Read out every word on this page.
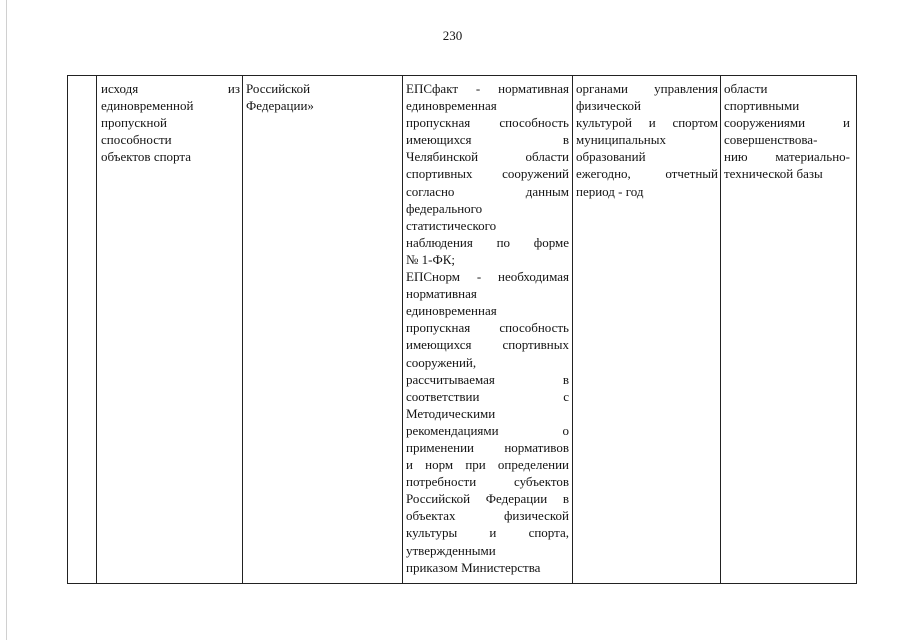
230

исходя из

единовременной

пропускной

способности

объектов спорта

Российской

Федерации»

ЕПСфакт - нормативная

единовременная

пропускная способность

имеющихся в

Челябинской области

спортивных сооружений

согласно данным

федерального

статистического

наблюдения по форме

№ 1-ФК;

ЕПСнорм - необходимая

нормативная

единовременная

пропускная способность

имеющихся спортивных

сооружений,

рассчитываемая в

соответствии с

Методическими

рекомендациями о

применении нормативов

и норм при определении

потребности субъектов

Российской Федерации в

объектах физической

культуры и спорта,

утвержденными

приказом Министерства

органами управления

физической

культурой и спортом

муниципальных

образований

ежегодно, отчетный

период - год

области

спортивными

сооружениями и

совершенствова-

нию материально-

технической базы
